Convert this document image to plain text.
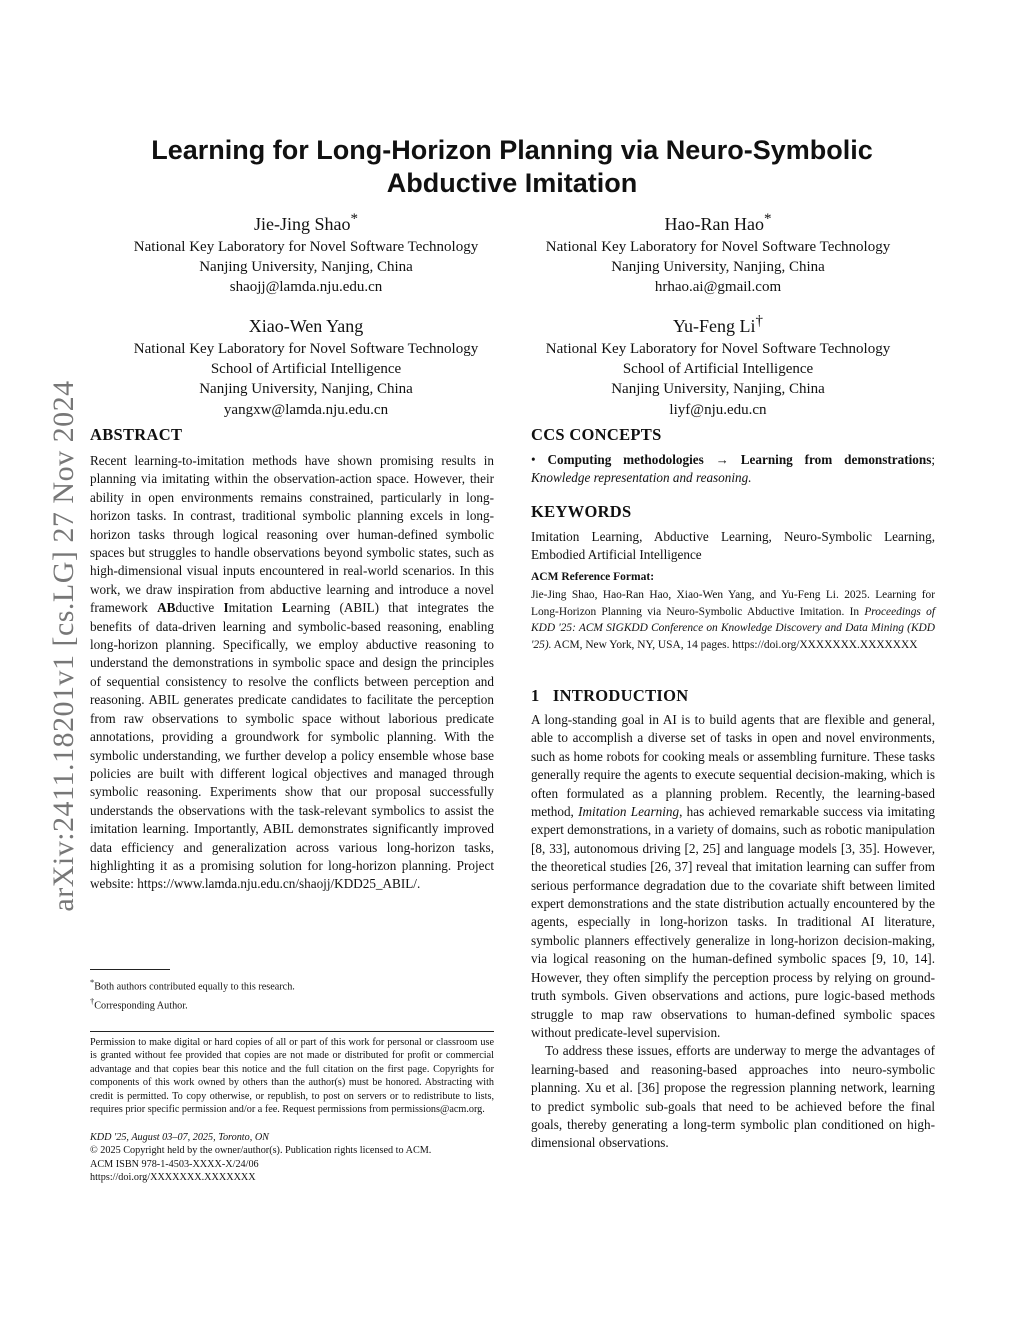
arXiv:2411.18201v1 [cs.LG] 27 Nov 2024
Learning for Long-Horizon Planning via Neuro-Symbolic
Abductive Imitation
Jie-Jing Shao*
National Key Laboratory for Novel Software Technology
Nanjing University, Nanjing, China
shaojj@lamda.nju.edu.cn
Hao-Ran Hao*
National Key Laboratory for Novel Software Technology
Nanjing University, Nanjing, China
hrhao.ai@gmail.com
Xiao-Wen Yang
National Key Laboratory for Novel Software Technology
School of Artificial Intelligence
Nanjing University, Nanjing, China
yangxw@lamda.nju.edu.cn
Yu-Feng Li†
National Key Laboratory for Novel Software Technology
School of Artificial Intelligence
Nanjing University, Nanjing, China
liyf@nju.edu.cn
ABSTRACT
Recent learning-to-imitation methods have shown promising results in planning via imitating within the observation-action space. However, their ability in open environments remains constrained, particularly in long-horizon tasks. In contrast, traditional symbolic planning excels in long-horizon tasks through logical reasoning over human-defined symbolic spaces but struggles to handle observations beyond symbolic states, such as high-dimensional visual inputs encountered in real-world scenarios. In this work, we draw inspiration from abductive learning and introduce a novel framework ABductive Imitation Learning (ABIL) that integrates the benefits of data-driven learning and symbolic-based reasoning, enabling long-horizon planning. Specifically, we employ abductive reasoning to understand the demonstrations in symbolic space and design the principles of sequential consistency to resolve the conflicts between perception and reasoning. ABIL generates predicate candidates to facilitate the perception from raw observations to symbolic space without laborious predicate annotations, providing a groundwork for symbolic planning. With the symbolic understanding, we further develop a policy ensemble whose base policies are built with different logical objectives and managed through symbolic reasoning. Experiments show that our proposal successfully understands the observations with the task-relevant symbolics to assist the imitation learning. Importantly, ABIL demonstrates significantly improved data efficiency and generalization across various long-horizon tasks, highlighting it as a promising solution for long-horizon planning. Project website: https://www.lamda.nju.edu.cn/shaojj/KDD25_ABIL/.
CCS CONCEPTS
• Computing methodologies → Learning from demonstrations; Knowledge representation and reasoning.
KEYWORDS
Imitation Learning, Abductive Learning, Neuro-Symbolic Learning, Embodied Artificial Intelligence
ACM Reference Format:
Jie-Jing Shao, Hao-Ran Hao, Xiao-Wen Yang, and Yu-Feng Li. 2025. Learning for Long-Horizon Planning via Neuro-Symbolic Abductive Imitation. In Proceedings of KDD '25: ACM SIGKDD Conference on Knowledge Discovery and Data Mining (KDD '25). ACM, New York, NY, USA, 14 pages. https://doi.org/XXXXXXX.XXXXXXX
1 INTRODUCTION

A long-standing goal in AI is to build agents that are flexible and general, able to accomplish a diverse set of tasks in open and novel environments, such as home robots for cooking meals or assembling furniture. These tasks generally require the agents to execute sequential decision-making, which is often formulated as a planning problem. Recently, the learning-based method, Imitation Learning, has achieved remarkable success via imitating expert demonstrations, in a variety of domains, such as robotic manipulation [8, 33], autonomous driving [2, 25] and language models [3, 35]. However, the theoretical studies [26, 37] reveal that imitation learning can suffer from serious performance degradation due to the covariate shift between limited expert demonstrations and the state distribution actually encountered by the agents, especially in long-horizon tasks. In traditional AI literature, symbolic planners effectively generalize in long-horizon decision-making, via logical reasoning on the human-defined symbolic spaces [9, 10, 14]. However, they often simplify the perception process by relying on ground-truth symbols. Given observations and actions, pure logic-based methods struggle to map raw observations to human-defined symbolic spaces without predicate-level supervision.

To address these issues, efforts are underway to merge the advantages of learning-based and reasoning-based approaches into neuro-symbolic planning. Xu et al. [36] propose the regression planning network, learning to predict symbolic sub-goals that need to be achieved before the final goals, thereby generating a long-term symbolic plan conditioned on high-dimensional observations.

*Both authors contributed equally to this research.
†Corresponding Author.
Permission to make digital or hard copies of all or part of this work for personal or classroom use is granted without fee provided that copies are not made or distributed for profit or commercial advantage and that copies bear this notice and the full citation on the first page. Copyrights for components of this work owned by others than the author(s) must be honored. Abstracting with credit is permitted. To copy otherwise, or republish, to post on servers or to redistribute to lists, requires prior specific permission and/or a fee. Request permissions from permissions@acm.org.
KDD '25, August 03–07, 2025, Toronto, ON
© 2025 Copyright held by the owner/author(s). Publication rights licensed to ACM.
ACM ISBN 978-1-4503-XXXX-X/24/06
https://doi.org/XXXXXXX.XXXXXXX
